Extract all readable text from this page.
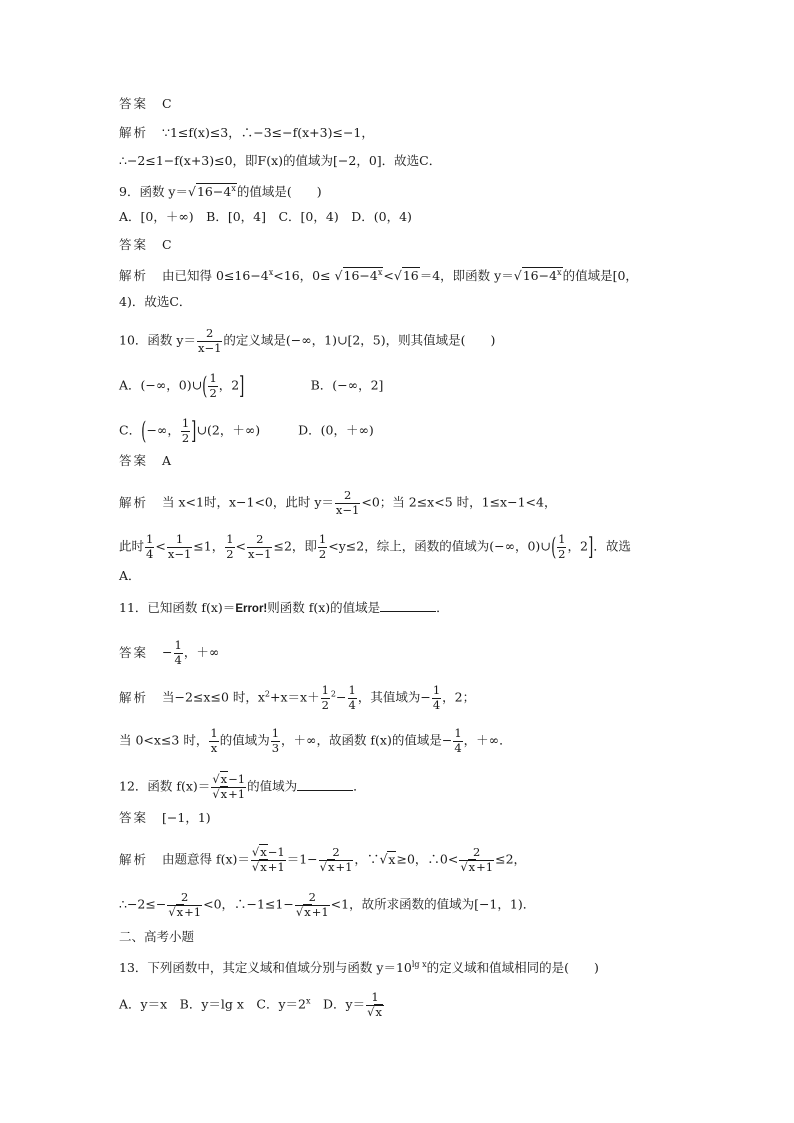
答案 C
解析 ∵1≤f(x)≤3，∴−3≤−f(x+3)≤−1，
∴−2≤1−f(x+3)≤0，即F(x)的值域为[−2，0]．故选C．
9．函数 $y=√16-4^x$的值域是(　　)
A．[0，＋∞)　B．[0，4]　C．[0，4)　D．(0，4)
答案 C
解析 由已知得 $0\le 16-4^x<16$，$0\le √16-4^x<√16=4$，即函数 $y=√16-4^x$的值域是[0，
4)．故选C．
10．函数 $y= \frac{2}{x-1}$ 的定义域是(−∞，1)∪[2，5)，则其值域是(　　)
A．(−∞，0)∪( $\frac{1}{2}$ ，2]	B．(−∞，2]
C．(−∞， $\frac{1}{2}$ ]∪(2，＋∞)	D．(0，＋∞)
答案 A
解析 当 x<1时，x−1<0，此时 $y= \frac{2}{x-1} <0$；当 2≤x<5 时，1≤x−1<4，
此时 $\frac{1}{4} < \frac{1}{x-1} \le 1$， $\frac{1}{2} < \frac{2}{x-1} \le 2$，即 $\frac{1}{2} <y\le 2$，综上，函数的值域为(−∞，0)∪( $\frac{1}{2}$ ，2]．故选
A．
11．已知函数 f(x)＝Error!则函数 f(x)的值域是	．
答案 − $\frac{1}{4}$ ，＋∞
解析 当−2≤x≤0 时，$x^2+x=x+ \frac{1}{2} ^2- \frac{1}{4}$ ，其值域为− $\frac{1}{4}$ ，2；
当 0<x≤3 时， $\frac{1}{x}$ 的值域为 $\frac{1}{3}$ ，＋∞，故函数 f(x)的值域是− $\frac{1}{4}$ ，＋∞．
12．函数 $f(x)= \frac{√x-1}{√x+1}$ 的值域为	．
答案 [−1，1)
解析 由题意得 $f(x)= \frac{√x-1}{√x+1} =1- \frac{2}{√x+1}$ ，∵√x≥0，∴0< $\frac{2}{√x+1} \le 2$，
∴−2≤− $\frac{2}{√x+1} <0$，∴−1≤1− $\frac{2}{√x+1} <1$，故所求函数的值域为[−1，1)．
二、高考小题
13．下列函数中，其定义域和值域分别与函数 $y=10^{lg x}$的定义域和值域相同的是(　　)
A．y＝x　B．y＝lg x　C．$y=2^x$　D．$y= \frac{1}{√x}$
